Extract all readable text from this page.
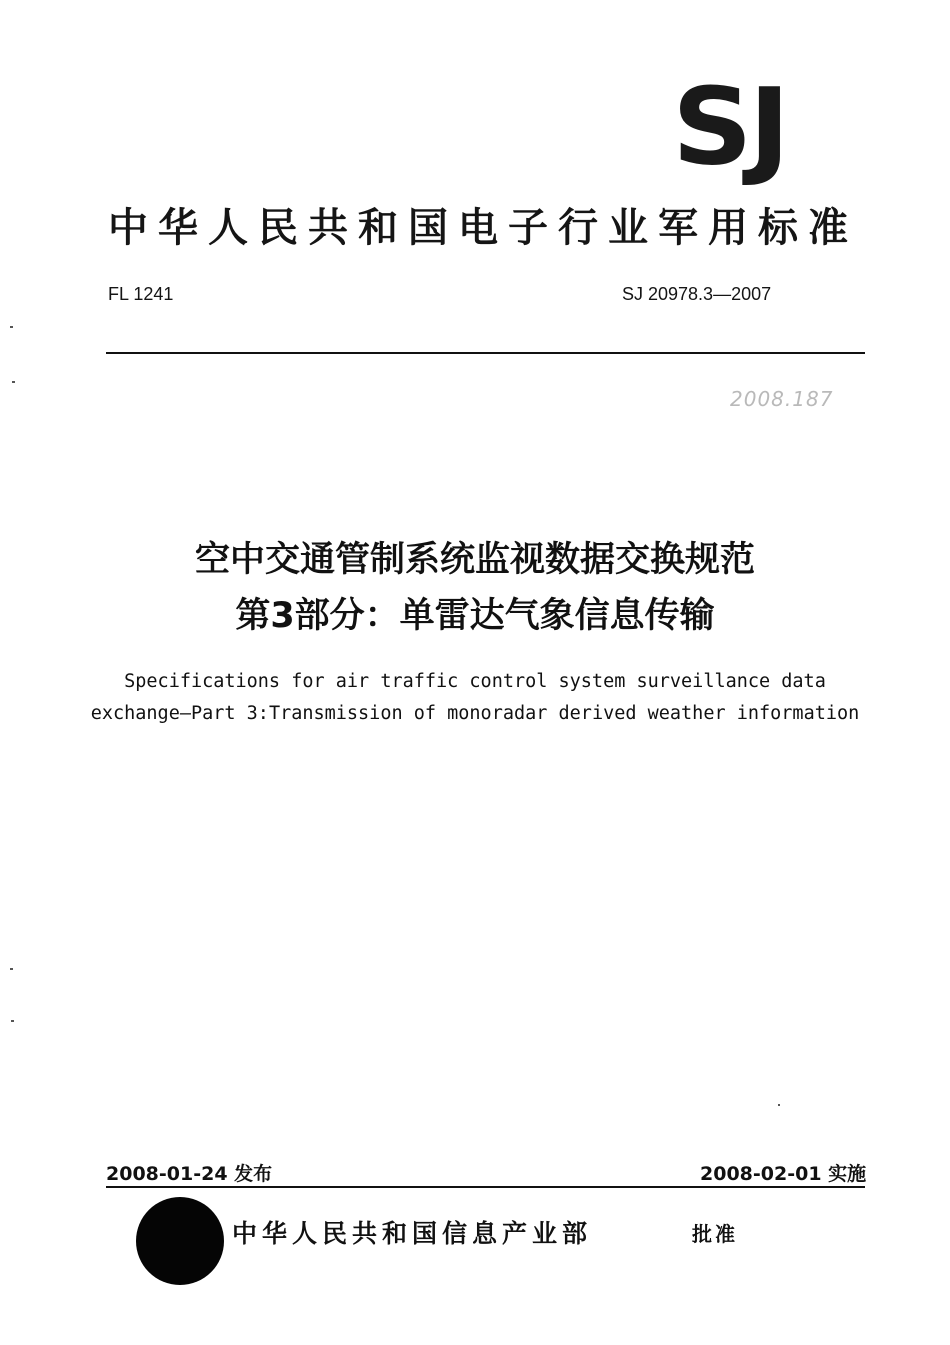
SJ
中华人民共和国电子行业军用标准
FL 1241	SJ 20978.3—2007
2008.187
空中交通管制系统监视数据交换规范
第3部分：单雷达气象信息传输
Specifications for air traffic control system surveillance data
exchange—Part 3:Transmission of monoradar derived weather information
2008-01-24 发布	2008-02-01 实施
中华人民共和国信息产业部	批准
